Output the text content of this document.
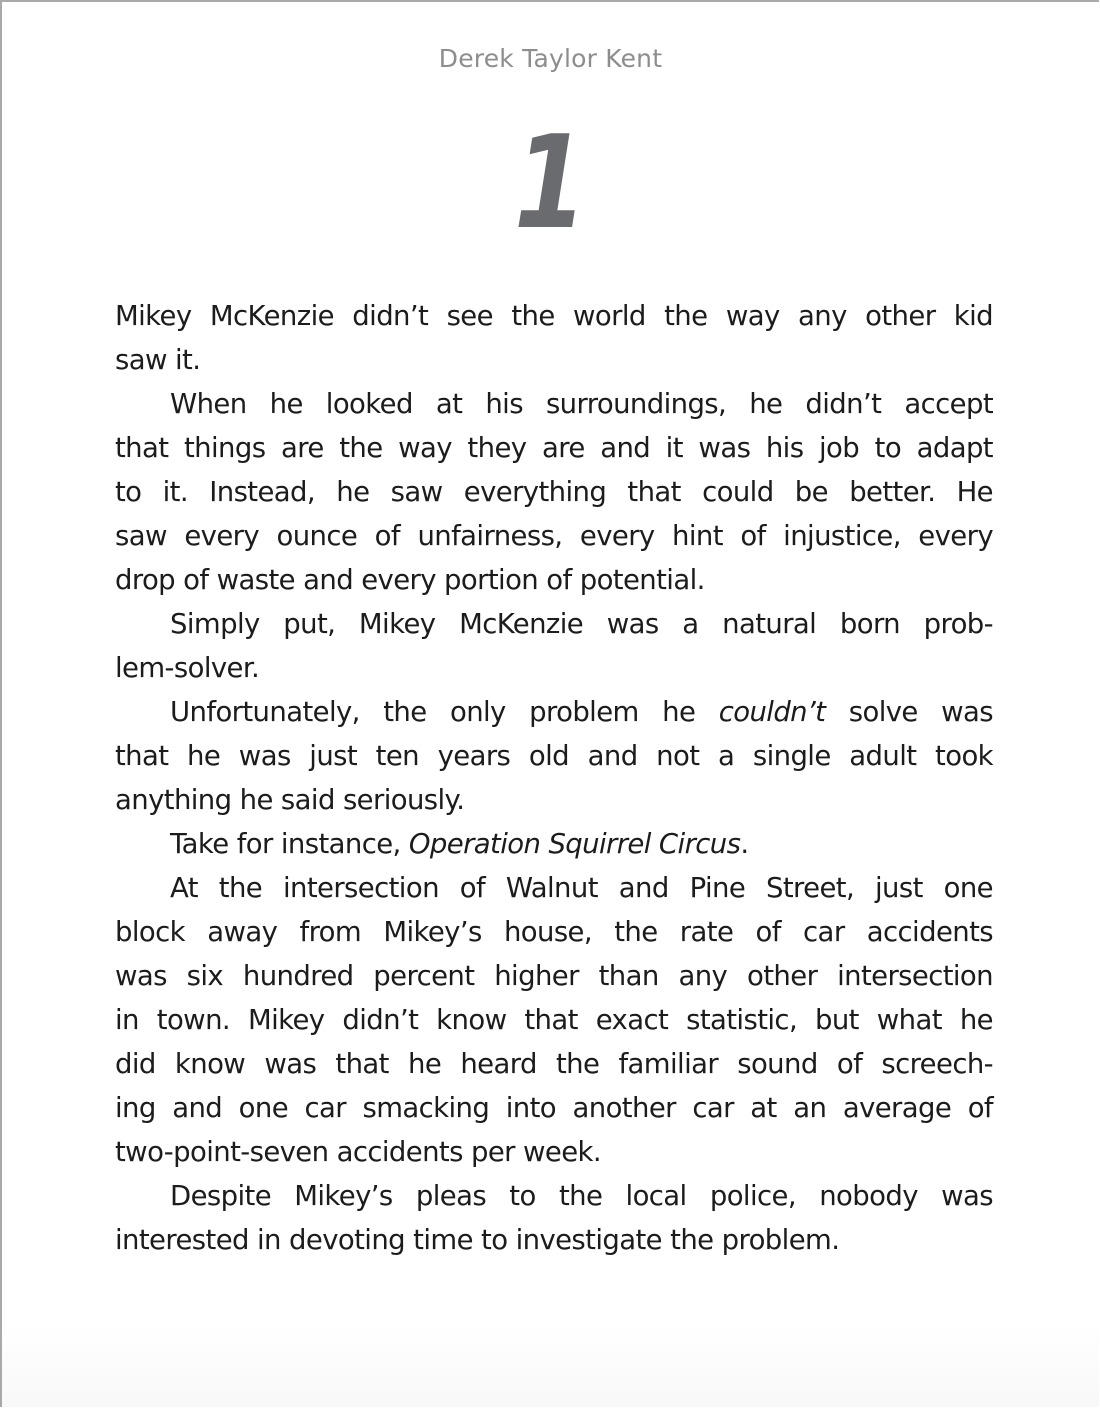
Derek Taylor Kent
1
Mikey McKenzie didn’t see the world the way any other kid
saw it.
When he looked at his surroundings, he didn’t accept
that things are the way they are and it was his job to adapt
to it. Instead, he saw everything that could be better. He
saw every ounce of unfairness, every hint of injustice, every
drop of waste and every portion of potential.
Simply put, Mikey McKenzie was a natural born prob-
lem-solver.
Unfortunately, the only problem he couldn’t solve was
that he was just ten years old and not a single adult took
anything he said seriously.
Take for instance, Operation Squirrel Circus.
At the intersection of Walnut and Pine Street, just one
block away from Mikey’s house, the rate of car accidents
was six hundred percent higher than any other intersection
in town. Mikey didn’t know that exact statistic, but what he
did know was that he heard the familiar sound of screech-
ing and one car smacking into another car at an average of
two-point-seven accidents per week.
Despite Mikey’s pleas to the local police, nobody was
interested in devoting time to investigate the problem.
